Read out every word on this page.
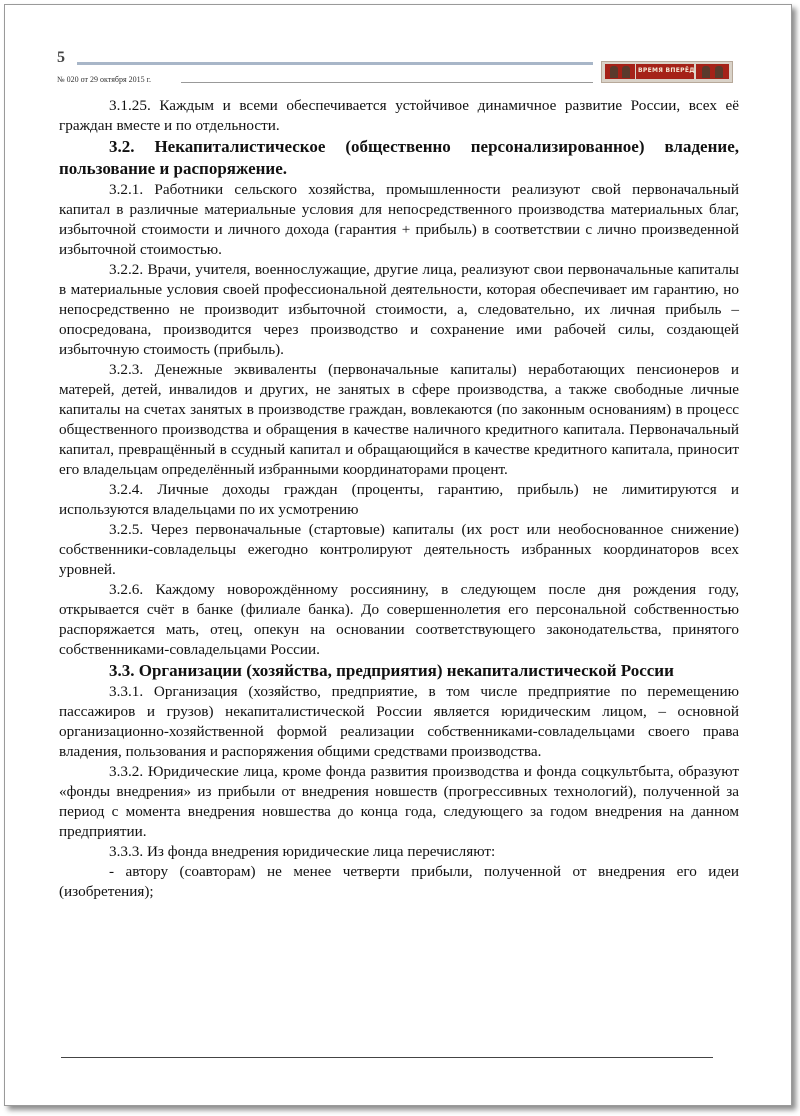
5
№ 020 от 29 октября 2015 г.
ВРЕМЯ ВПЕРЁД

3.1.25. Каждым и всеми обеспечивается устойчивое динамичное развитие России, всех её граждан вместе и по отдельности.

3.2. Некапиталистическое (общественно персонализированное) владение, пользование и распоряжение.

3.2.1. Работники сельского хозяйства, промышленности реализуют свой первоначальный капитал в различные материальные условия для непосредственного производства материальных благ, избыточной стоимости и личного дохода (гарантия + прибыль) в соответствии с лично произведенной избыточной стоимостью.

3.2.2. Врачи, учителя, военнослужащие, другие лица, реализуют свои первоначальные капиталы в материальные условия своей профессиональной деятельности, которая обеспечивает им гарантию, но непосредственно не производит избыточной стоимости, а, следовательно, их личная прибыль – опосредована, производится через производство и сохранение ими рабочей силы, создающей избыточную стоимость (прибыль).

3.2.3. Денежные эквиваленты (первоначальные капиталы) неработающих пенсионеров и матерей, детей, инвалидов и других, не занятых в сфере производства, а также свободные личные капиталы на счетах занятых в производстве граждан, вовлекаются (по законным основаниям) в процесс общественного производства и обращения в качестве наличного кредитного капитала. Первоначальный капитал, превращённый в ссудный капитал и обращающийся в качестве кредитного капитала, приносит его владельцам определённый избранными координаторами процент.

3.2.4. Личные доходы граждан (проценты, гарантию, прибыль) не лимитируются и используются владельцами по их усмотрению

3.2.5. Через первоначальные (стартовые) капиталы (их рост или необоснованное снижение) собственники-совладельцы ежегодно контролируют деятельность избранных координаторов всех уровней.

3.2.6. Каждому новорождённому россиянину, в следующем после дня рождения году, открывается счёт в банке (филиале банка). До совершеннолетия его персональной собственностью распоряжается мать, отец, опекун на основании соответствующего законодательства, принятого собственниками-совладельцами России.

3.3. Организации (хозяйства, предприятия) некапиталистической России

3.3.1. Организация (хозяйство, предприятие, в том числе предприятие по перемещению пассажиров и грузов) некапиталистической России является юридическим лицом, – основной организационно-хозяйственной формой реализации собственниками-совладельцами своего права владения, пользования и распоряжения общими средствами производства.

3.3.2. Юридические лица, кроме фонда развития производства и фонда соцкультбыта, образуют «фонды внедрения» из прибыли от внедрения новшеств (прогрессивных технологий), полученной за период с момента внедрения новшества до конца года, следующего за годом внедрения на данном предприятии.

3.3.3. Из фонда внедрения юридические лица перечисляют:

- автору (соавторам) не менее четверти прибыли, полученной от внедрения его идеи (изобретения);
